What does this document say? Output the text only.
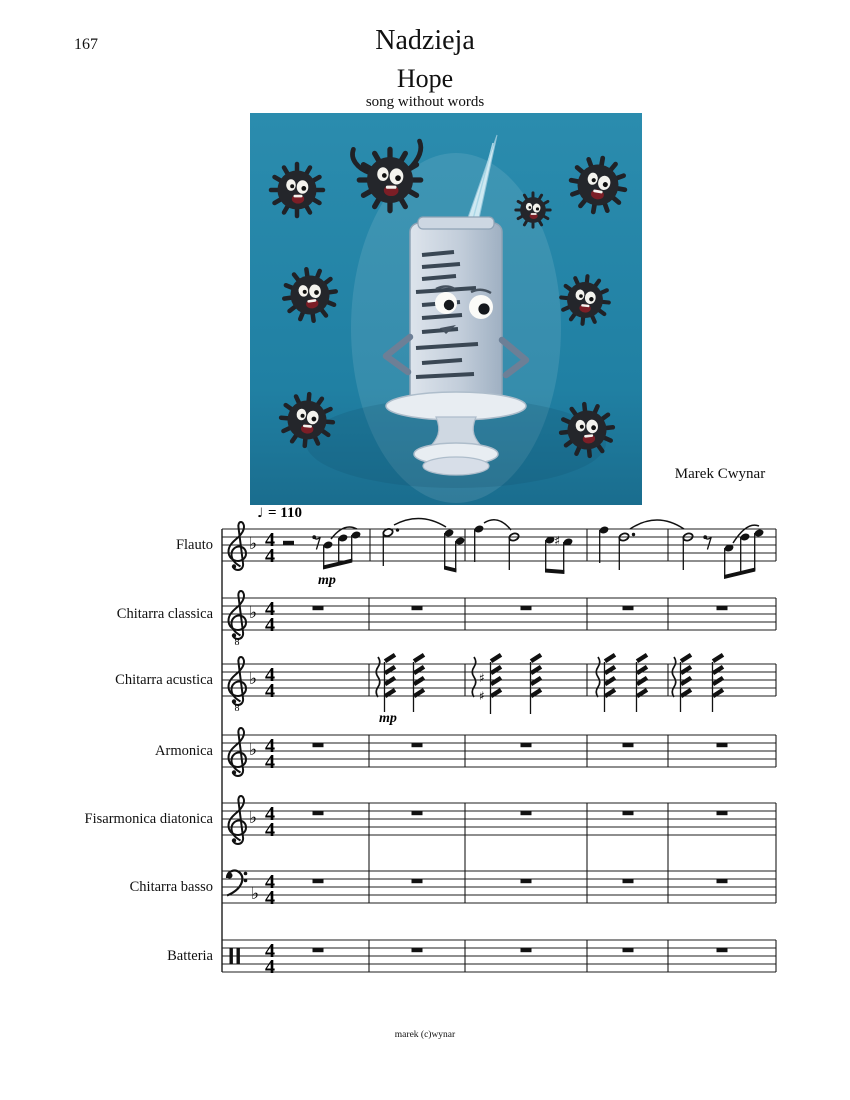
167	Nadzieja
Hope
song without words
Marek Cwynar
Flauto
Chitarra classica
Chitarra acustica
Armonica
Fisarmonica diatonica
Chitarra basso
Batteria
♩ = 110
8
8
♭
♭
♭
♭
♭
♭
4
4
4
4
4
4
4
4
4
4
4
4
4
4
mp
♯
♯
♯
mp
marek (c)wynar
